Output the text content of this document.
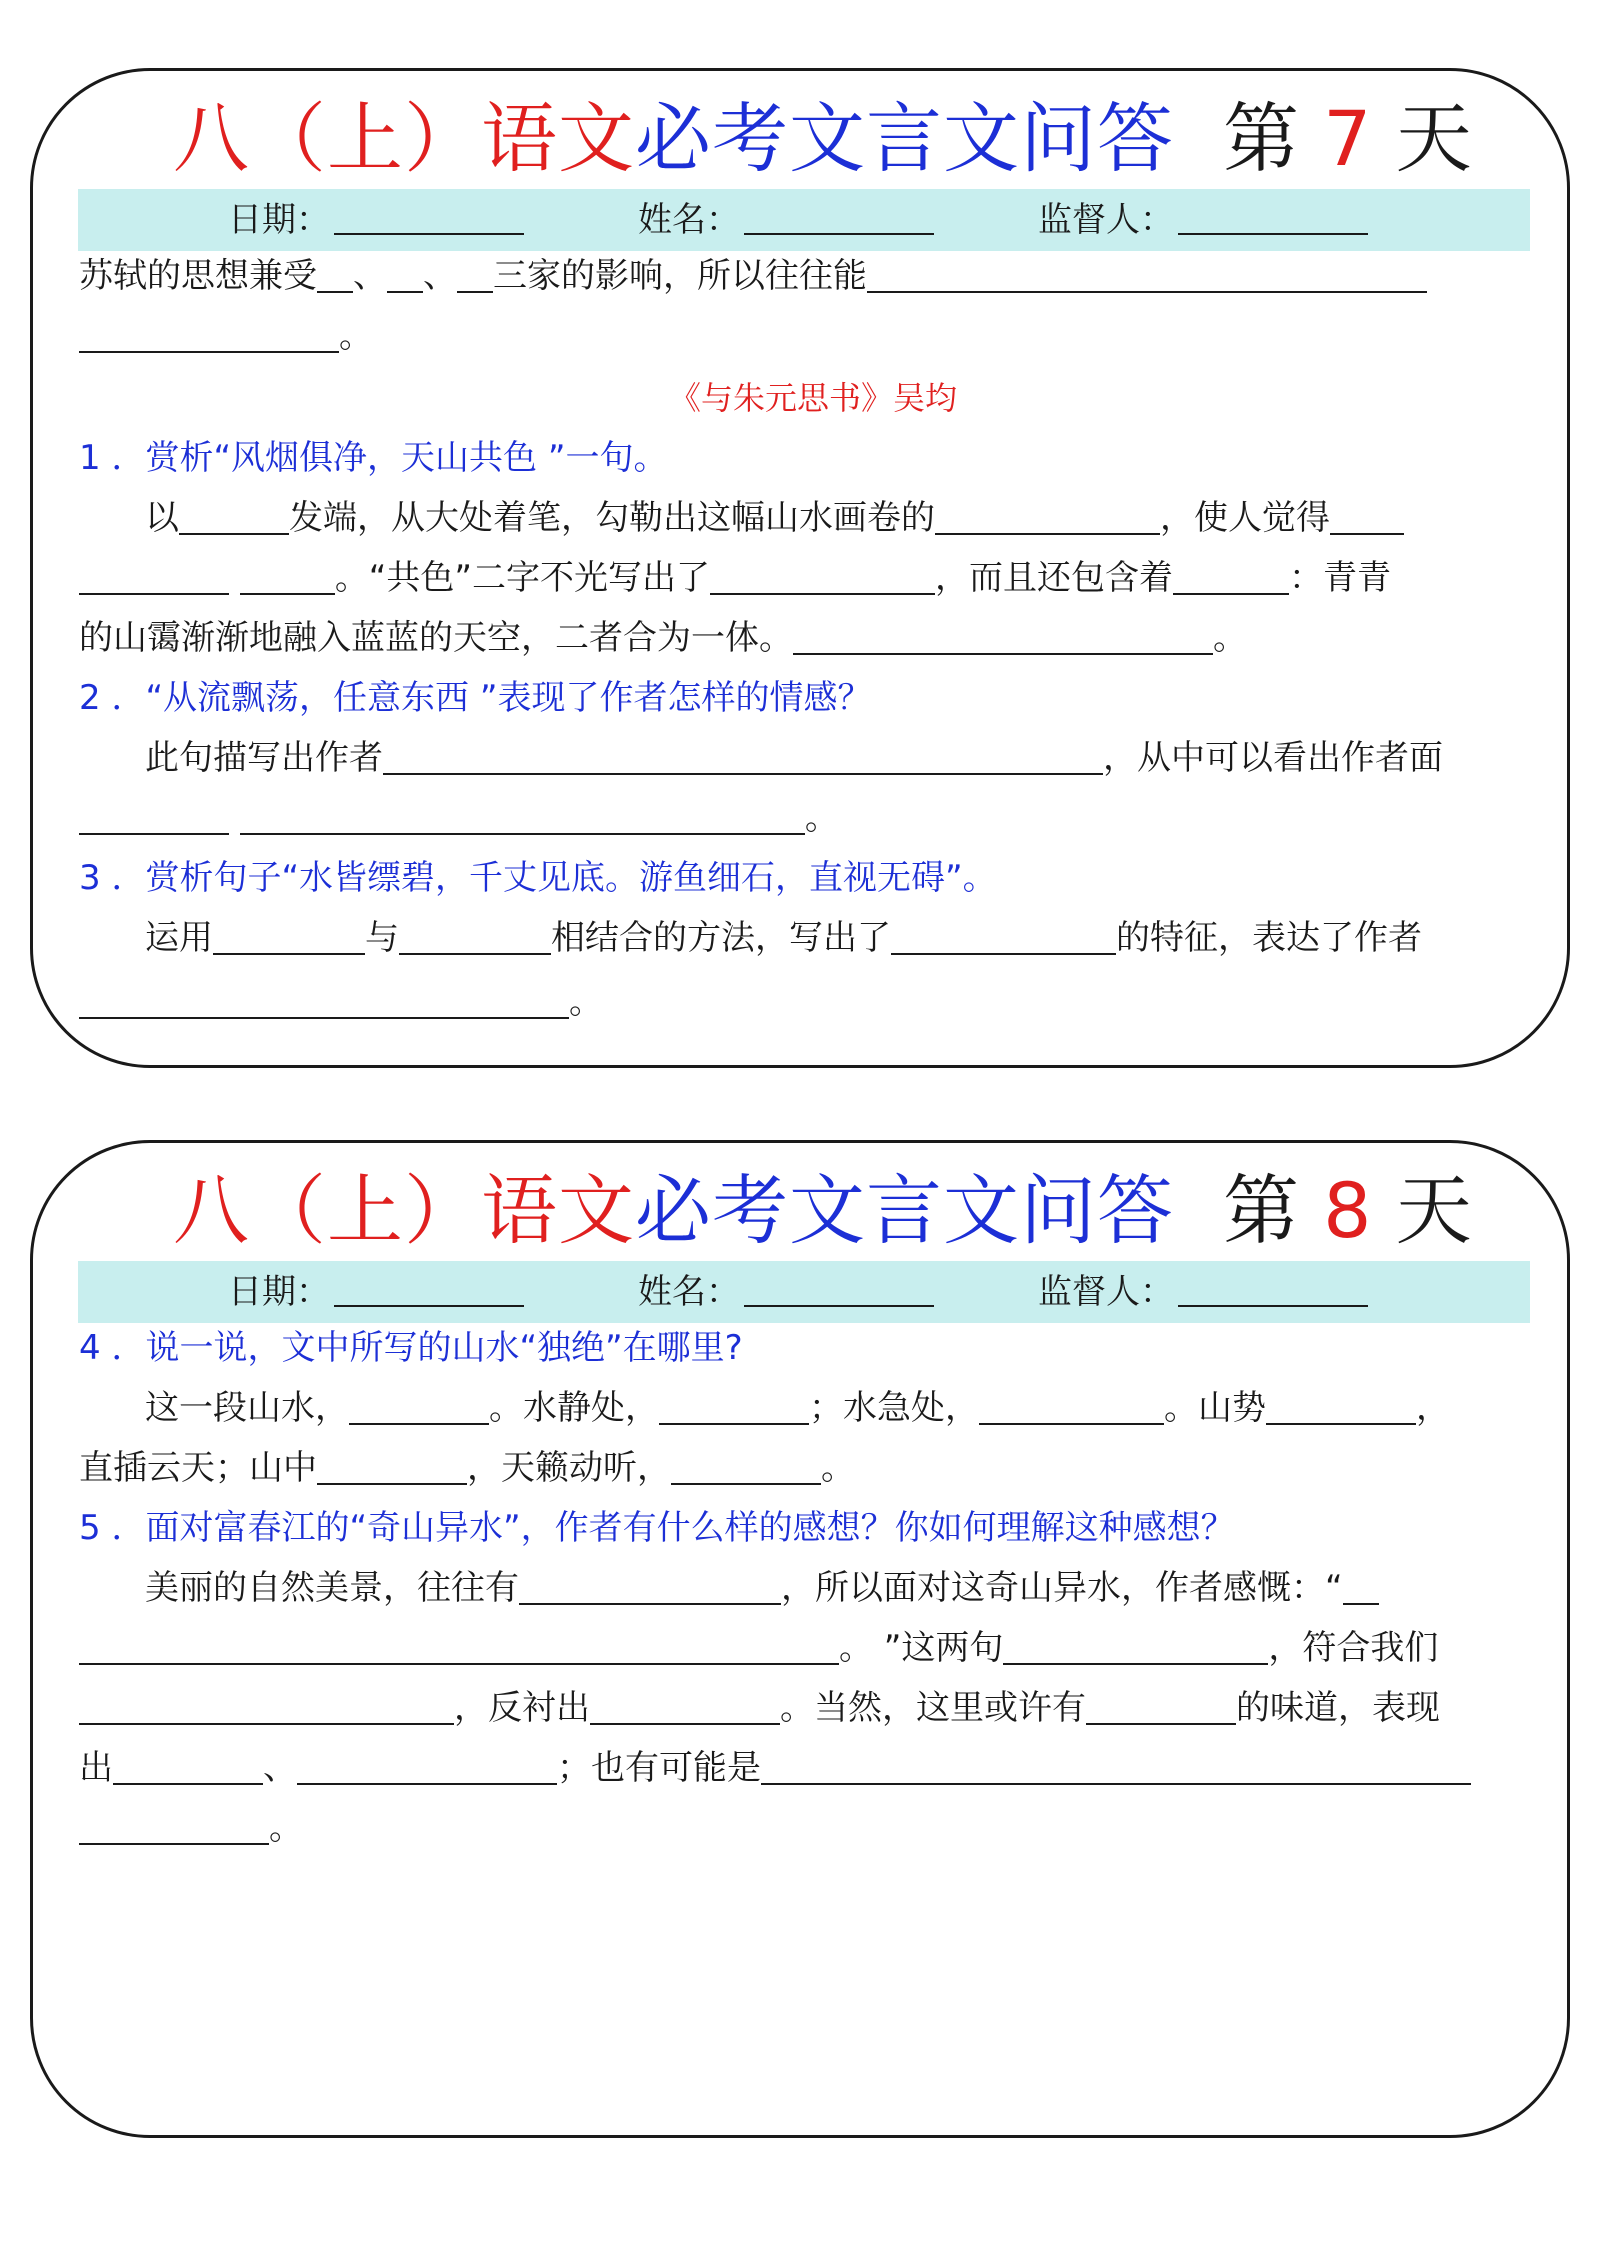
八（上）语文必考文言文问答 第 7 天
日期：	姓名：	监督人：
苏轼的思想兼受 、 、 三家的影响，所以往往能
。
《与朱元思书》吴均
1 ．赏析“风烟俱净，天山共色 ”一句。
以	发端，从大处着笔，勾勒出这幅山水画卷的	，使人觉得
。“共色”二字不光写出了	，而且还包含着	：青青
的山霭渐渐地融入蓝蓝的天空，二者合为一体。	。
2 ．“从流飘荡，任意东西 ”表现了作者怎样的情感？
此句描写出作者	，从中可以看出作者面
。
3 ．赏析句子“水皆缥碧，千丈见底。游鱼细石，直视无碍”。
运用	与	相结合的方法，写出了	的特征，表达了作者
。
八（上）语文必考文言文问答 第 8 天
日期：	姓名：	监督人：
4 ．说一说，文中所写的山水“独绝”在哪里?
这一段山水，	。水静处，	；水急处，	。山势	，
直插云天；山中	，天籁动听，	。
5 ．面对富春江的“奇山异水”，作者有什么样的感想？你如何理解这种感想？
美丽的自然美景，往往有	，所以面对这奇山异水，作者感慨：“
。 ”这两句	，符合我们
，反衬出	。当然，这里或许有	的味道，表现
出	、	；也有可能是
。
